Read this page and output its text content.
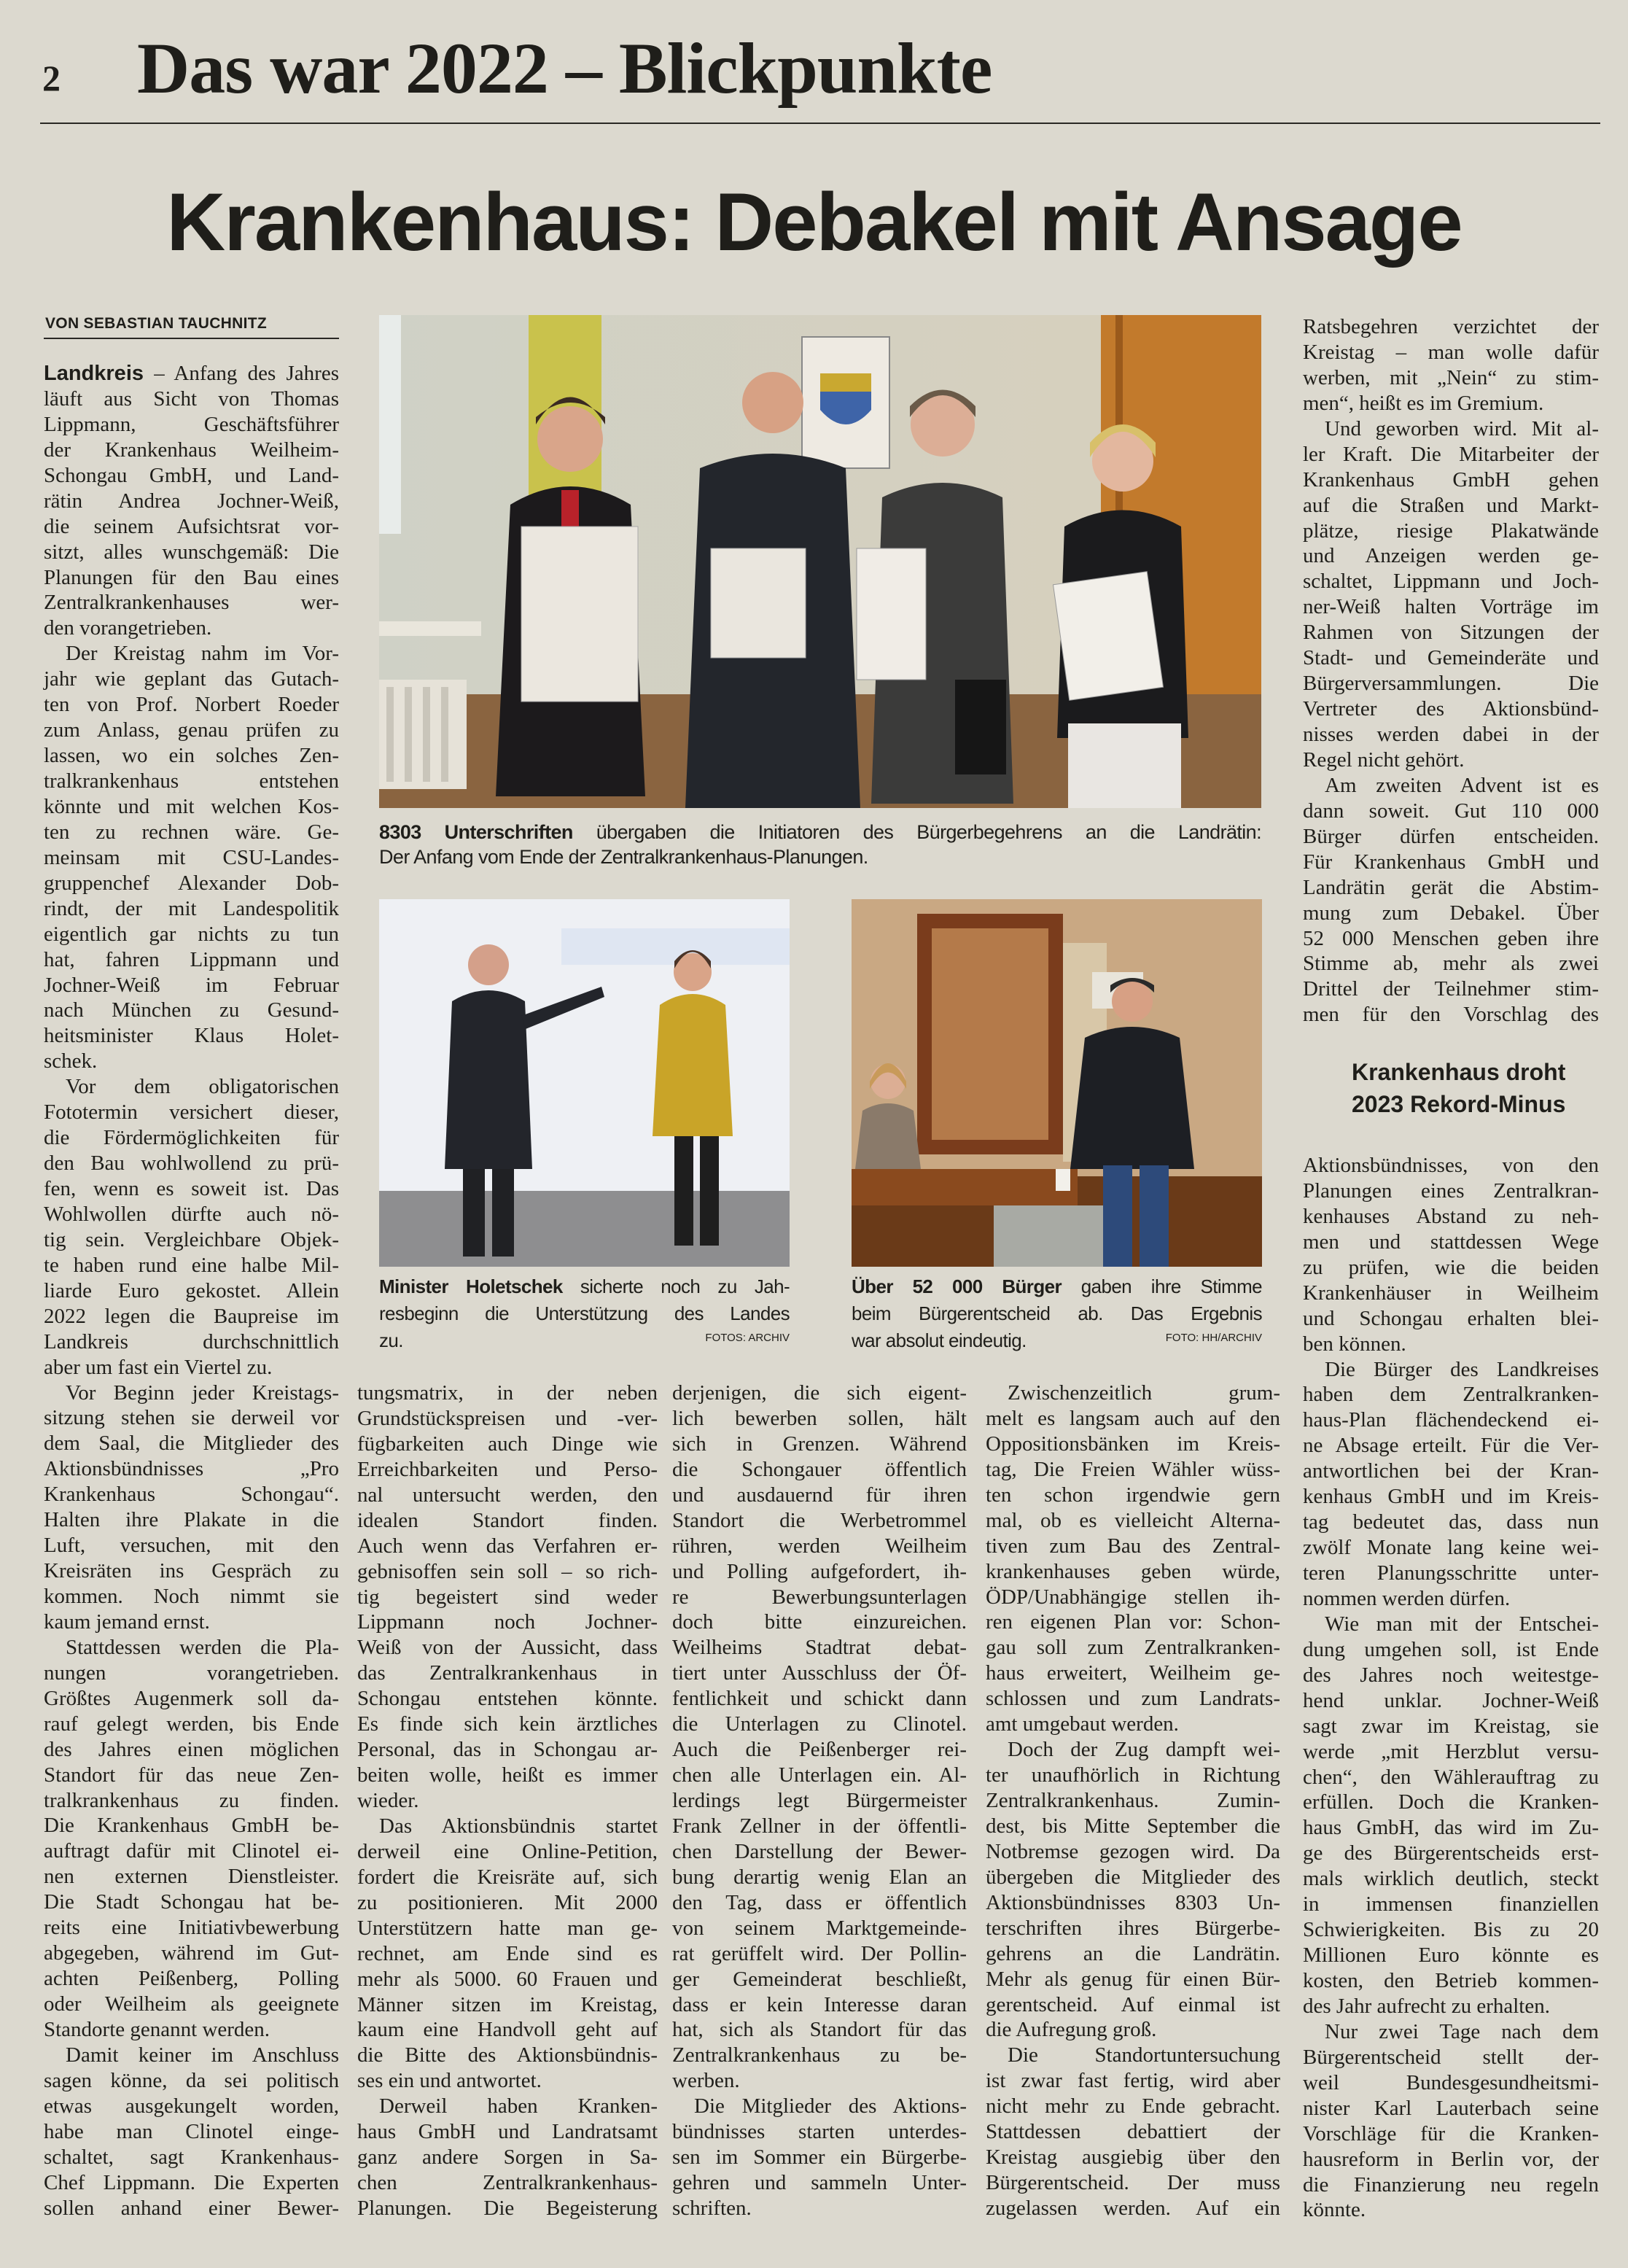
2 Das war 2022 – Blickpunkte
Krankenhaus: Debakel mit Ansage
VON SEBASTIAN TAUCHNITZ
Landkreis – Anfang des Jahres
läuft aus Sicht von Thomas
Lippmann, Geschäftsführer
der Krankenhaus Weilheim-
Schongau GmbH, und Land-
rätin Andrea Jochner-Weiß,
die seinem Aufsichtsrat vor-
sitzt, alles wunschgemäß: Die
Planungen für den Bau eines
Zentralkrankenhauses wer-
den vorangetrieben.
Der Kreistag nahm im Vor-
jahr wie geplant das Gutach-
ten von Prof. Norbert Roeder
zum Anlass, genau prüfen zu
lassen, wo ein solches Zen-
tralkrankenhaus entstehen
könnte und mit welchen Kos-
ten zu rechnen wäre. Ge-
meinsam mit CSU-Landes-
gruppenchef Alexander Dob-
rindt, der mit Landespolitik
eigentlich gar nichts zu tun
hat, fahren Lippmann und
Jochner-Weiß im Februar
nach München zu Gesund-
heitsminister Klaus Holet-
schek.
Vor dem obligatorischen
Fototermin versichert dieser,
die Fördermöglichkeiten für
den Bau wohlwollend zu prü-
fen, wenn es soweit ist. Das
Wohlwollen dürfte auch nö-
tig sein. Vergleichbare Objek-
te haben rund eine halbe Mil-
liarde Euro gekostet. Allein
2022 legen die Baupreise im
Landkreis durchschnittlich
aber um fast ein Viertel zu.
Vor Beginn jeder Kreistags-
sitzung stehen sie derweil vor
dem Saal, die Mitglieder des
Aktionsbündnisses „Pro
Krankenhaus Schongau“.
Halten ihre Plakate in die
Luft, versuchen, mit den
Kreisräten ins Gespräch zu
kommen. Noch nimmt sie
kaum jemand ernst.
Stattdessen werden die Pla-
nungen vorangetrieben.
Größtes Augenmerk soll da-
rauf gelegt werden, bis Ende
des Jahres einen möglichen
Standort für das neue Zen-
tralkrankenhaus zu finden.
Die Krankenhaus GmbH be-
auftragt dafür mit Clinotel ei-
nen externen Dienstleister.
Die Stadt Schongau hat be-
reits eine Initiativbewerbung
abgegeben, während im Gut-
achten Peißenberg, Polling
oder Weilheim als geeignete
Standorte genannt werden.
Damit keiner im Anschluss
sagen könne, da sei politisch
etwas ausgekungelt worden,
habe man Clinotel einge-
schaltet, sagt Krankenhaus-
Chef Lippmann. Die Experten
sollen anhand einer Bewer-
tungsmatrix, in der neben
Grundstückspreisen und -ver-
fügbarkeiten auch Dinge wie
Erreichbarkeiten und Perso-
nal untersucht werden, den
idealen Standort finden.
Auch wenn das Verfahren er-
gebnisoffen sein soll – so rich-
tig begeistert sind weder
Lippmann noch Jochner-
Weiß von der Aussicht, dass
das Zentralkrankenhaus in
Schongau entstehen könnte.
Es finde sich kein ärztliches
Personal, das in Schongau ar-
beiten wolle, heißt es immer
wieder.
Das Aktionsbündnis startet
derweil eine Online-Petition,
fordert die Kreisräte auf, sich
zu positionieren. Mit 2000
Unterstützern hatte man ge-
rechnet, am Ende sind es
mehr als 5000. 60 Frauen und
Männer sitzen im Kreistag,
kaum eine Handvoll geht auf
die Bitte des Aktionsbündnis-
ses ein und antwortet.
Derweil haben Kranken-
haus GmbH und Landratsamt
ganz andere Sorgen in Sa-
chen Zentralkrankenhaus-
Planungen. Die Begeisterung
derjenigen, die sich eigent-
lich bewerben sollen, hält
sich in Grenzen. Während
die Schongauer öffentlich
und ausdauernd für ihren
Standort die Werbetrommel
rühren, werden Weilheim
und Polling aufgefordert, ih-
re Bewerbungsunterlagen
doch bitte einzureichen.
Weilheims Stadtrat debat-
tiert unter Ausschluss der Öf-
fentlichkeit und schickt dann
die Unterlagen zu Clinotel.
Auch die Peißenberger rei-
chen alle Unterlagen ein. Al-
lerdings legt Bürgermeister
Frank Zellner in der öffentli-
chen Darstellung der Bewer-
bung derartig wenig Elan an
den Tag, dass er öffentlich
von seinem Marktgemeinde-
rat gerüffelt wird. Der Pollin-
ger Gemeinderat beschließt,
dass er kein Interesse daran
hat, sich als Standort für das
Zentralkrankenhaus zu be-
werben.
Die Mitglieder des Aktions-
bündnisses starten unterdes-
sen im Sommer ein Bürgerbe-
gehren und sammeln Unter-
schriften.
Zwischenzeitlich grum-
melt es langsam auch auf den
Oppositionsbänken im Kreis-
tag, Die Freien Wähler wüss-
ten schon irgendwie gern
mal, ob es vielleicht Alterna-
tiven zum Bau des Zentral-
krankenhauses geben würde,
ÖDP/Unabhängige stellen ih-
ren eigenen Plan vor: Schon-
gau soll zum Zentralkranken-
haus erweitert, Weilheim ge-
schlossen und zum Landrats-
amt umgebaut werden.
Doch der Zug dampft wei-
ter unaufhörlich in Richtung
Zentralkrankenhaus. Zumin-
dest, bis Mitte September die
Notbremse gezogen wird. Da
übergeben die Mitglieder des
Aktionsbündnisses 8303 Un-
terschriften ihres Bürgerbe-
gehrens an die Landrätin.
Mehr als genug für einen Bür-
gerentscheid. Auf einmal ist
die Aufregung groß.
Die Standortuntersuchung
ist zwar fast fertig, wird aber
nicht mehr zu Ende gebracht.
Stattdessen debattiert der
Kreistag ausgiebig über den
Bürgerentscheid. Der muss
zugelassen werden. Auf ein
Ratsbegehren verzichtet der
Kreistag – man wolle dafür
werben, mit „Nein“ zu stim-
men“, heißt es im Gremium.
Und geworben wird. Mit al-
ler Kraft. Die Mitarbeiter der
Krankenhaus GmbH gehen
auf die Straßen und Markt-
plätze, riesige Plakatwände
und Anzeigen werden ge-
schaltet, Lippmann und Joch-
ner-Weiß halten Vorträge im
Rahmen von Sitzungen der
Stadt- und Gemeinderäte und
Bürgerversammlungen. Die
Vertreter des Aktionsbünd-
nisses werden dabei in der
Regel nicht gehört.
Am zweiten Advent ist es
dann soweit. Gut 110 000
Bürger dürfen entscheiden.
Für Krankenhaus GmbH und
Landrätin gerät die Abstim-
mung zum Debakel. Über
52 000 Menschen geben ihre
Stimme ab, mehr als zwei
Drittel der Teilnehmer stim-
men für den Vorschlag des
Krankenhaus droht
2023 Rekord-Minus
Aktionsbündnisses, von den
Planungen eines Zentralkran-
kenhauses Abstand zu neh-
men und stattdessen Wege
zu prüfen, wie die beiden
Krankenhäuser in Weilheim
und Schongau erhalten blei-
ben können.
Die Bürger des Landkreises
haben dem Zentralkranken-
haus-Plan flächendeckend ei-
ne Absage erteilt. Für die Ver-
antwortlichen bei der Kran-
kenhaus GmbH und im Kreis-
tag bedeutet das, dass nun
zwölf Monate lang keine wei-
teren Planungsschritte unter-
nommen werden dürfen.
Wie man mit der Entschei-
dung umgehen soll, ist Ende
des Jahres noch weitestge-
hend unklar. Jochner-Weiß
sagt zwar im Kreistag, sie
werde „mit Herzblut versu-
chen“, den Wählerauftrag zu
erfüllen. Doch die Kranken-
haus GmbH, das wird im Zu-
ge des Bürgerentscheids erst-
mals wirklich deutlich, steckt
in immensen finanziellen
Schwierigkeiten. Bis zu 20
Millionen Euro könnte es
kosten, den Betrieb kommen-
des Jahr aufrecht zu erhalten.
Nur zwei Tage nach dem
Bürgerentscheid stellt der-
weil Bundesgesundheitsmi-
nister Karl Lauterbach seine
Vorschläge für die Kranken-
hausreform in Berlin vor, der
die Finanzierung neu regeln
könnte.
8303 Unterschriften übergaben die Initiatoren des Bürgerbegehrens an die Landrätin:
Der Anfang vom Ende der Zentralkrankenhaus-Planungen.
Minister Holetschek sicherte noch zu Jah-
resbeginn die Unterstützung des Landes
zu.	FOTOS: ARCHIV
Über 52 000 Bürger gaben ihre Stimme
beim Bürgerentscheid ab. Das Ergebnis
war absolut eindeutig.	FOTO: HH/ARCHIV
